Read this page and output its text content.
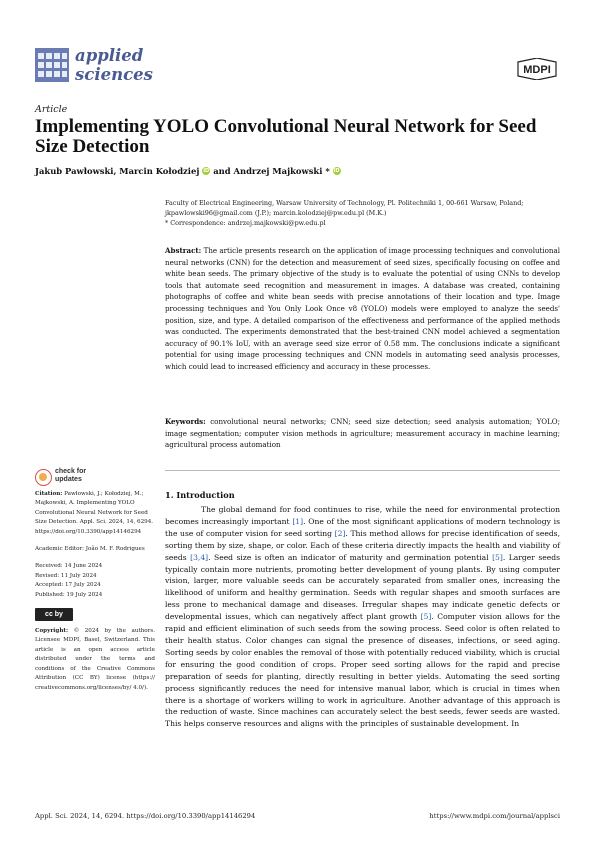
applied
sciences	MDPI
Article
Implementing YOLO Convolutional Neural Network for Seed Size Detection
Jakub Pawłowski, Marcin Kołodziej iD and Andrzej Majkowski * iD
Faculty of Electrical Engineering, Warsaw University of Technology, Pl. Politechniki 1, 00-661 Warsaw, Poland;
jkpawlowski96@gmail.com (J.P.); marcin.kolodziej@pw.edu.pl (M.K.)
* Correspondence: andrzej.majkowski@pw.edu.pl
Abstract: The article presents research on the application of image processing techniques and convolutional neural networks (CNN) for the detection and measurement of seed sizes, specifically focusing on coffee and white bean seeds. The primary objective of the study is to evaluate the potential of using CNNs to develop tools that automate seed recognition and measurement in images. A database was created, containing photographs of coffee and white bean seeds with precise annotations of their location and type. Image processing techniques and You Only Look Once v8 (YOLO) models were employed to analyze the seeds' position, size, and type. A detailed comparison of the effectiveness and performance of the applied methods was conducted. The experiments demonstrated that the best-trained CNN model achieved a segmentation accuracy of 90.1% IoU, with an average seed size error of 0.58 mm. The conclusions indicate a significant potential for using image processing techniques and CNN models in automating seed analysis processes, which could lead to increased efficiency and accuracy in these processes.
Keywords: convolutional neural networks; CNN; seed size detection; seed analysis automation; YOLO; image segmentation; computer vision methods in agriculture; measurement accuracy in machine learning; agricultural process automation
check for
updates
Citation: Pawłowski, J.; Kołodziej, M.; Majkowski, A. Implementing YOLO Convolutional Neural Network for Seed Size Detection. Appl. Sci. 2024, 14, 6294. https://doi.org/10.3390/app14146294
Academic Editor: João M. F. Rodrigues
Received: 14 June 2024
Revised: 11 July 2024
Accepted: 17 July 2024
Published: 19 July 2024
cc by
Copyright: © 2024 by the authors. Licensee MDPI, Basel, Switzerland. This article is an open access article distributed under the terms and conditions of the Creative Commons Attribution (CC BY) license (https:// creativecommons.org/licenses/by/ 4.0/).
1. Introduction
The global demand for food continues to rise, while the need for environmental protection becomes increasingly important [1]. One of the most significant applications of modern technology is the use of computer vision for seed sorting [2]. This method allows for precise identification of seeds, sorting them by size, shape, or color. Each of these criteria directly impacts the health and viability of seeds [3,4]. Seed size is often an indicator of maturity and germination potential [5]. Larger seeds typically contain more nutrients, promoting better development of young plants. By using computer vision, larger, more valuable seeds can be accurately separated from smaller ones, increasing the likelihood of uniform and healthy germination. Seeds with regular shapes and smooth surfaces are less prone to mechanical damage and diseases. Irregular shapes may indicate genetic defects or developmental issues, which can negatively affect plant growth [5]. Computer vision allows for the rapid and efficient elimination of such seeds from the sowing process. Seed color is often related to their health status. Color changes can signal the presence of diseases, infections, or seed aging. Sorting seeds by color enables the removal of those with potentially reduced viability, which is crucial for ensuring the good condition of crops. Proper seed sorting allows for the rapid and precise preparation of seeds for planting, directly resulting in better yields. Automating the seed sorting process significantly reduces the need for intensive manual labor, which is crucial in times when there is a shortage of workers willing to work in agriculture. Another advantage of this approach is the reduction of waste. Since machines can accurately select the best seeds, fewer seeds are wasted. This helps conserve resources and aligns with the principles of sustainable development. In
Appl. Sci. 2024, 14, 6294. https://doi.org/10.3390/app14146294	https://www.mdpi.com/journal/applsci
